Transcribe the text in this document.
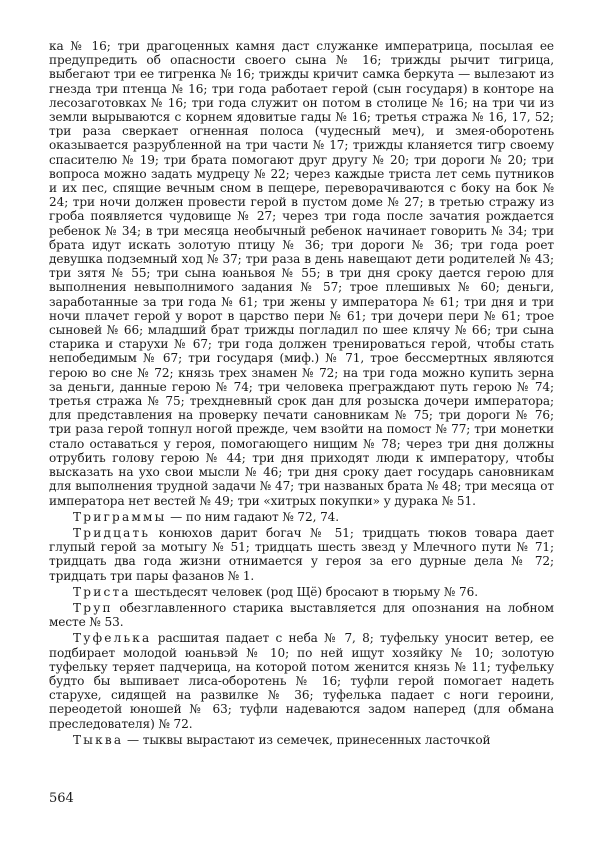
ка № 16; три драгоценных камня даст служанке императрица, посылая ее предупредить об опасности своего сына № 16; трижды рычит тигрица, выбегают три ее тигренка № 16; трижды кричит самка беркута — вылезают из гнезда три птенца № 16; три года работает герой (сын государя) в конторе на лесозаготовках № 16; три года служит он потом в столице № 16; на три чи из земли вырываются с корнем ядовитые гады № 16; третья стража № 16, 17, 52; три раза сверкает огненная полоса (чудесный меч), и змея-оборотень оказывается разрубленной на три части № 17; трижды кланяется тигр своему спасителю № 19; три брата помогают друг другу № 20; три дороги № 20; три вопроса можно задать мудрецу № 22; через каждые триста лет семь путников и их пес, спящие вечным сном в пещере, переворачиваются с боку на бок № 24; три ночи должен провести герой в пустом доме № 27; в третью стражу из гроба появляется чудовище № 27; через три года после зачатия рождается ребенок № 34; в три месяца необычный ребенок начинает говорить № 34; три брата идут искать золотую птицу № 36; три дороги № 36; три года роет девушка подземный ход № 37; три раза в день навещают дети родителей № 43; три зятя № 55; три сына юаньвоя № 55; в три дня сроку дается герою для выполнения невыполнимого задания № 57; трое плешивых № 60; деньги, заработанные за три года № 61; три жены у императора № 61; три дня и три ночи плачет герой у ворот в царство пери № 61; три дочери пери № 61; трое сыновей № 66; младший брат трижды погладил по шее клячу № 66; три сына старика и старухи № 67; три года должен тренироваться герой, чтобы стать непобедимым № 67; три государя (миф.) № 71, трое бессмертных являются герою во сне № 72; князь трех знамен № 72; на три года можно купить зерна за деньги, данные герою № 74; три человека преграждают путь герою № 74; третья стража № 75; трехдневный срок дан для розыска дочери императора; для представления на проверку печати сановникам № 75; три дороги № 76; три раза герой топнул ногой прежде, чем взойти на помост № 77; три монетки стало оставаться у героя, помогающего нищим № 78; через три дня должны отрубить голову герою № 44; три дня приходят люди к императору, чтобы высказать на ухо свои мысли № 46; три дня сроку дает государь сановникам для выполнения трудной задачи № 47; три названых брата № 48; три месяца от императора нет вестей № 49; три «хитрых покупки» у дурака № 51.

Триграммы — по ним гадают № 72, 74.

Тридцать конюхов дарит богач № 51; тридцать тюков товара дает глупый герой за мотыгу № 51; тридцать шесть звезд у Млечного пути № 71; тридцать два года жизни отнимается у героя за его дурные дела № 72; тридцать три пары фазанов № 1.

Триста шестьдесят человек (род Щё) бросают в тюрьму № 76.

Труп обезглавленного старика выставляется для опознания на лобном месте № 53.

Туфелька расшитая падает с неба № 7, 8; туфельку уносит ветер, ее подбирает молодой юаньвэй № 10; по ней ищут хозяйку № 10; золотую туфельку теряет падчерица, на которой потом женится князь № 11; туфельку будто бы выпивает лиса-оборотень № 16; туфли герой помогает надеть старухе, сидящей на развилке № 36; туфелька падает с ноги героини, переодетой юношей № 63; туфли надеваются задом наперед (для обмана преследователя) № 72.

Тыква — тыквы вырастают из семечек, принесенных ласточкой

564
